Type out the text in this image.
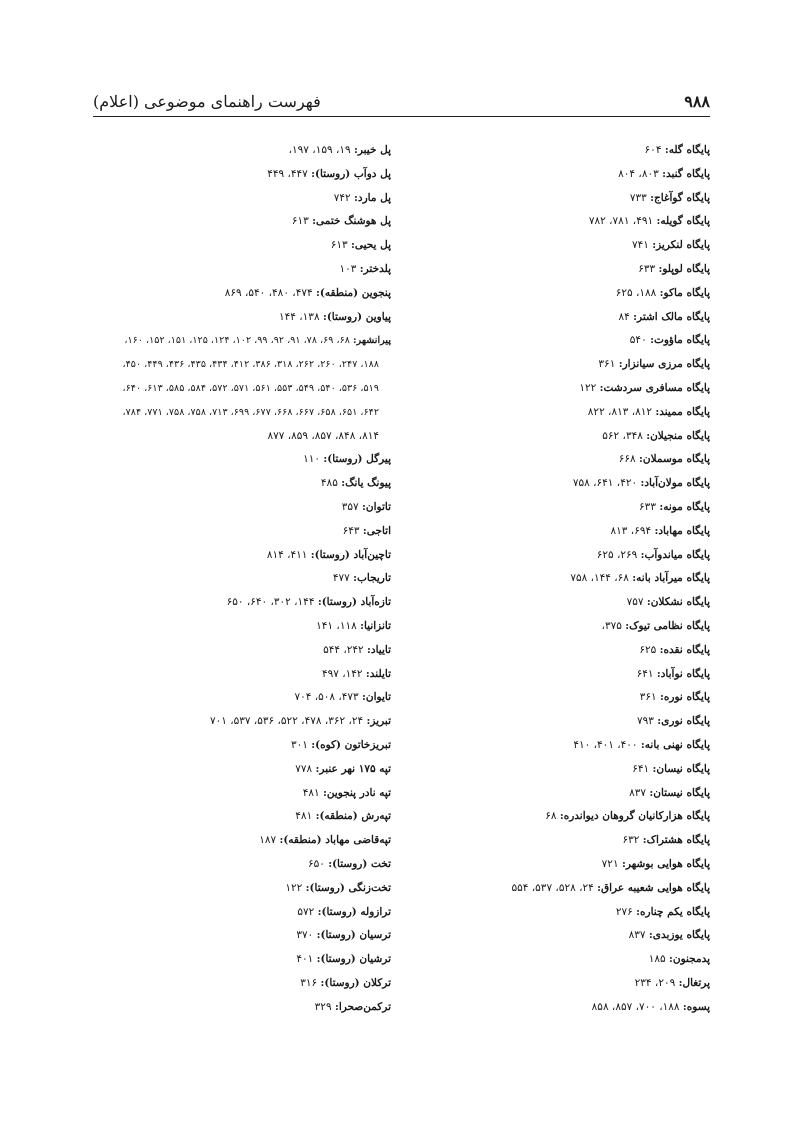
۹۸۸
فهرست راهنمای موضوعی (اعلام)
پایگاه گله: ۶۰۴
پایگاه گنبد: ۸۰۳، ۸۰۴
پایگاه گوآغاج: ۷۳۳
پایگاه گویله: ۴۹۱، ۷۸۱، ۷۸۲
پایگاه لنکریز: ۷۴۱
پایگاه لوپلو: ۶۳۳
پایگاه ماکو: ۱۸۸، ۶۲۵
پایگاه مالک اشتر: ۸۴
پایگاه ماؤوت: ۵۴۰
پایگاه مرزی سیانزار: ۳۶۱
پایگاه مسافری سردشت: ۱۲۲
پایگاه ممیند: ۸۱۲، ۸۱۳، ۸۲۲
پایگاه منجیلان: ۳۴۸، ۵۶۲
پایگاه موسملان: ۶۶۸
پایگاه مولان‌آباد: ۴۲۰، ۶۴۱، ۷۵۸
پایگاه مونه: ۶۳۳
پایگاه مهاباد: ۶۹۴، ۸۱۳
پایگاه میاندوآب: ۲۶۹، ۶۲۵
پایگاه میرآباد بانه: ۶۸، ۱۴۴، ۷۵۸
پایگاه نشکلان: ۷۵۷
پایگاه نظامی تیوک: ۳۷۵،
پایگاه نقده: ۶۲۵
پایگاه نوآباد: ۶۴۱
پایگاه نوره: ۳۶۱
پایگاه نوری: ۷۹۳
پایگاه نهنی بانه: ۴۰۰، ۴۰۱، ۴۱۰
پایگاه نیسان: ۶۴۱
پایگاه نیستان: ۸۳۷
پایگاه هزارکانیان گروهان دیواندره: ۶۸
پایگاه هشتراک: ۶۳۲
پایگاه هوایی بوشهر: ۷۲۱
پایگاه هوایی شعیبه عراق: ۲۴، ۵۲۸، ۵۳۷، ۵۵۴
پایگاه یکم چناره: ۲۷۶
پایگاه یوزبدی: ۸۳۷
پدمجنون: ۱۸۵
پرتغال: ۲۰۹، ۲۳۴
پسوه: ۱۸۸، ۷۰۰، ۸۵۷، ۸۵۸
پل خیبر: ۱۹، ۱۵۹، ۱۹۷،
پل دوآب (روستا): ۴۴۷، ۴۴۹
پل مارد: ۷۴۲
پل هوشنگ ختمی: ۶۱۳
پل یحیی: ۶۱۳
پلدختر: ۱۰۳
پنجوین (منطقه): ۴۷۴، ۴۸۰، ۵۴۰، ۸۶۹
پیاوین (روستا): ۱۳۸، ۱۴۴
پیرانشهر: ۶۸، ۶۹، ۷۸، ۹۱، ۹۲، ۹۹، ۱۰۲، ۱۲۴، ۱۲۵، ۱۵۱، ۱۵۲، ۱۶۰،
۱۸۸، ۲۴۷، ۲۶۰، ۲۶۲، ۳۱۸، ۳۸۶، ۴۱۲، ۴۳۴، ۴۳۵، ۴۳۶، ۴۴۹، ۴۵۰،
۵۱۹، ۵۳۶، ۵۴۰، ۵۴۹، ۵۵۳، ۵۶۱، ۵۷۱، ۵۷۲، ۵۸۴، ۵۸۵، ۶۱۳، ۶۴۰،
۶۴۲، ۶۵۱، ۶۵۸، ۶۶۷، ۶۶۸، ۶۷۷، ۶۹۹، ۷۱۳، ۷۵۸، ۷۵۸، ۷۷۱، ۷۸۴،
۸۱۴، ۸۴۸، ۸۵۷، ۸۵۹، ۸۷۷
پیرگل (روستا): ۱۱۰
پیونگ یانگ: ۴۸۵
تاتوان: ۳۵۷
اتاجی: ۶۴۳
تاچین‌آباد (روستا): ۴۱۱، ۸۱۴
تاریجاب: ۴۷۷
تازه‌آباد (روستا): ۱۴۴، ۳۰۲، ۶۴۰، ۶۵۰
تانزانیا: ۱۱۸، ۱۴۱
تاییاد: ۲۴۲، ۵۴۴
تایلند: ۱۴۲، ۴۹۷
تایوان: ۴۷۳، ۵۰۸، ۷۰۴
تبریز: ۲۴، ۳۶۲، ۴۷۸، ۵۲۲، ۵۳۶، ۵۳۷، ۷۰۱
تبریزخاتون (کوه): ۳۰۱
تپه ۱۷۵ نهر عنبر: ۷۷۸
تپه نادر پنجوین: ۴۸۱
تپه‌رش (منطقه): ۴۸۱
تپه‌قاضی مهاباد (منطقه): ۱۸۷
تخت (روستا): ۶۵۰
تخت‌زنگی (روستا): ۱۲۲
ترازوله (روستا): ۵۷۲
ترسیان (روستا): ۳۷۰
ترشیان (روستا): ۴۰۱
ترکلان (روستا): ۳۱۶
ترکمن‌صحرا: ۳۲۹
